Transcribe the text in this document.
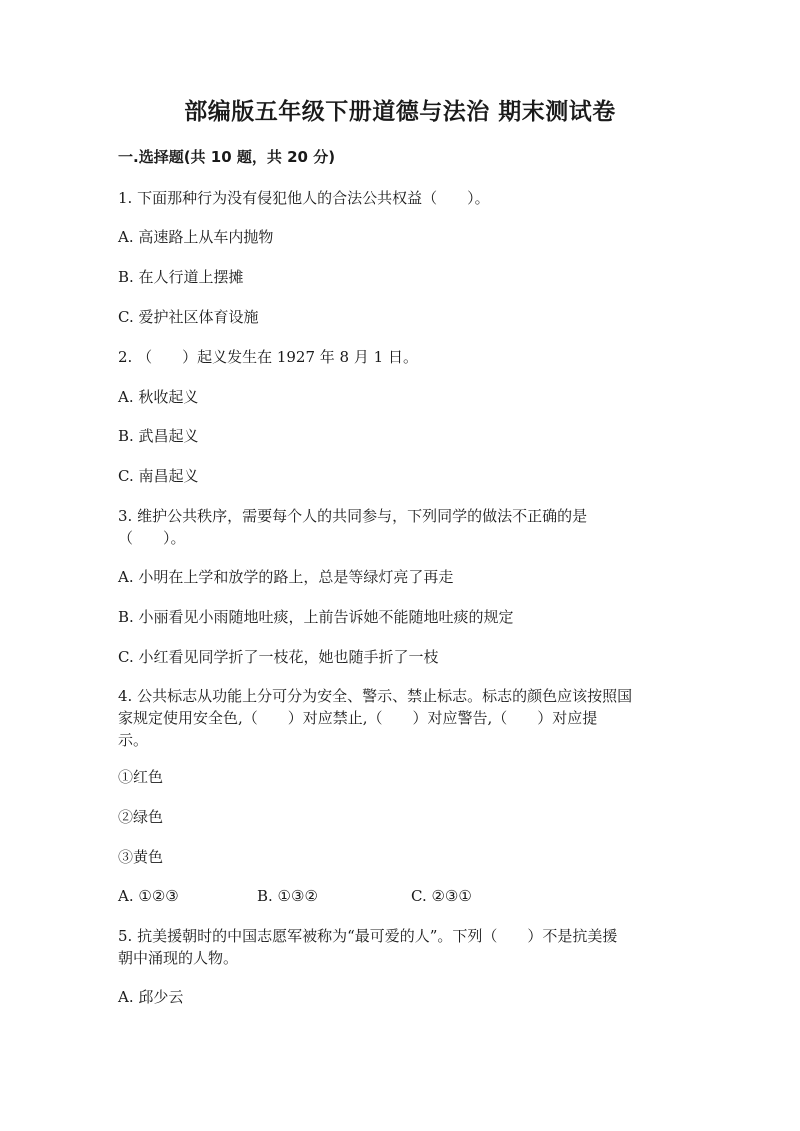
部编版五年级下册道德与法治 期末测试卷
一.选择题(共 10 题，共 20 分)
1. 下面那种行为没有侵犯他人的合法公共权益（　　）。
A. 高速路上从车内抛物
B. 在人行道上摆摊
C. 爱护社区体育设施
2. （　　）起义发生在 1927 年 8 月 1 日。
A. 秋收起义
B. 武昌起义
C. 南昌起义
3. 维护公共秩序，需要每个人的共同参与，下列同学的做法不正确的是
（　　）。
A. 小明在上学和放学的路上，总是等绿灯亮了再走
B. 小丽看见小雨随地吐痰，上前告诉她不能随地吐痰的规定
C. 小红看见同学折了一枝花，她也随手折了一枝
4. 公共标志从功能上分可分为安全、警示、禁止标志。标志的颜色应该按照国
家规定使用安全色,（　　）对应禁止,（　　）对应警告,（　　）对应提
示。
①红色
②绿色
③黄色
A. ①②③	B. ①③②	C. ②③①
5. 抗美援朝时的中国志愿军被称为“最可爱的人”。下列（　　）不是抗美援
朝中涌现的人物。
A. 邱少云
